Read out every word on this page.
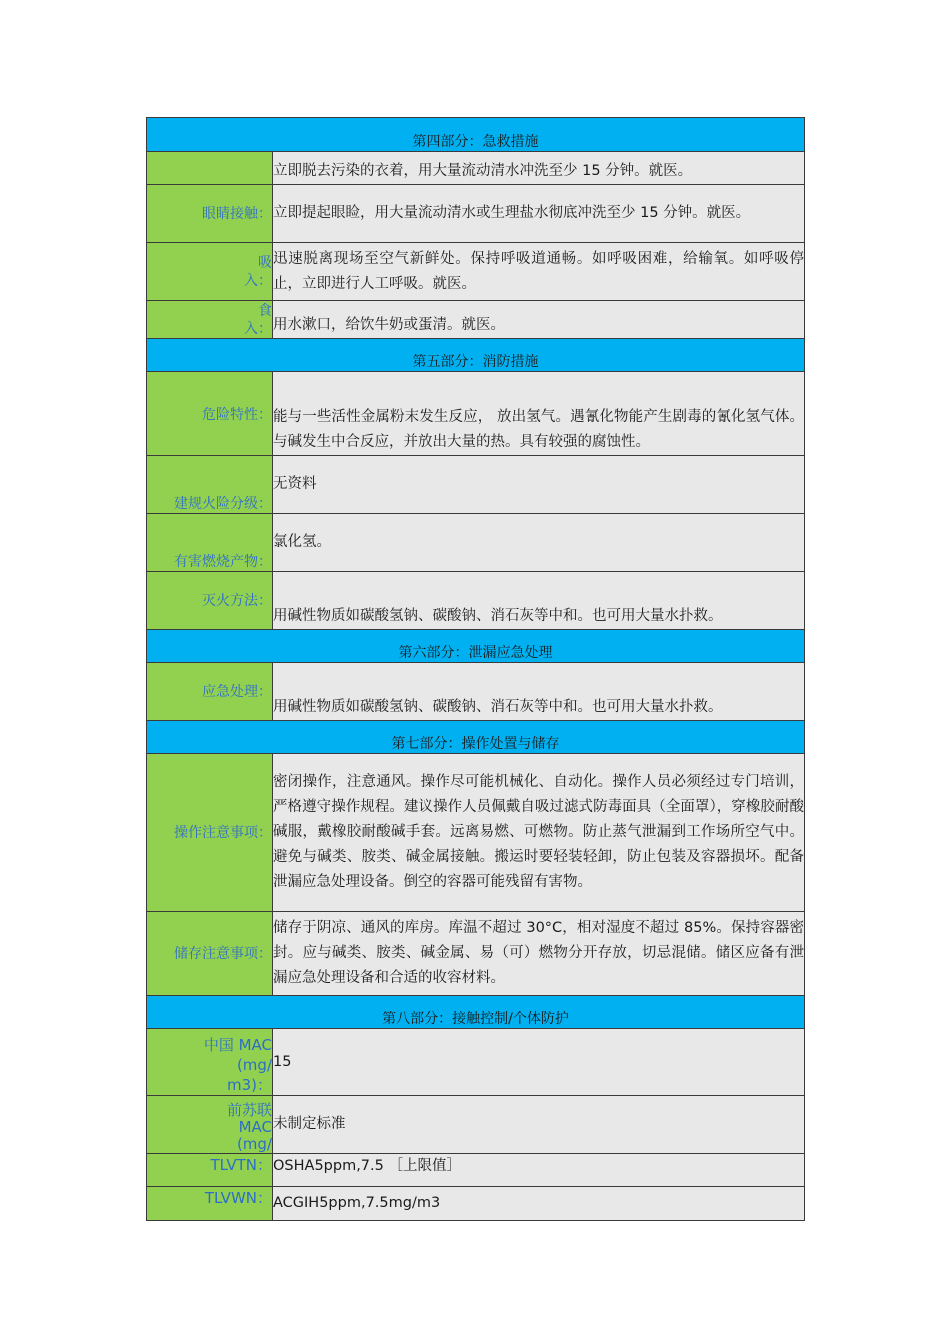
第四部分：急救措施	
	立即脱去污染的衣着，用大量流动清水冲洗至少 15 分钟。就医。
眼睛接触：	立即提起眼睑，用大量流动清水或生理盐水彻底冲洗至少 15 分钟。就医。
吸
入：	迅速脱离现场至空气新鲜处。保持呼吸道通畅。如呼吸困难，给输氧。如呼吸停止，立即进行人工呼吸。就医。
食
入：	用水漱口，给饮牛奶或蛋清。就医。
第五部分：消防措施	
危险特性：	能与一些活性金属粉末发生反应， 放出氢气。遇氰化物能产生剧毒的氰化氢气体。与碱发生中合反应，并放出大量的热。具有较强的腐蚀性。
建规火险分级：	无资料
有害燃烧产物：	氯化氢。
灭火方法：	用碱性物质如碳酸氢钠、碳酸钠、消石灰等中和。也可用大量水扑救。
第六部分：泄漏应急处理	
应急处理：	用碱性物质如碳酸氢钠、碳酸钠、消石灰等中和。也可用大量水扑救。
第七部分：操作处置与储存	
操作注意事项：	密闭操作，注意通风。操作尽可能机械化、自动化。操作人员必须经过专门培训，严格遵守操作规程。建议操作人员佩戴自吸过滤式防毒面具（全面罩），穿橡胶耐酸碱服，戴橡胶耐酸碱手套。远离易燃、可燃物。防止蒸气泄漏到工作场所空气中。避免与碱类、胺类、碱金属接触。搬运时要轻装轻卸，防止包装及容器损坏。配备泄漏应急处理设备。倒空的容器可能残留有害物。
储存注意事项：	储存于阴凉、通风的库房。库温不超过 30°C，相对湿度不超过 85%。保持容器密封。应与碱类、胺类、碱金属、易（可）燃物分开存放，切忌混储。储区应备有泄漏应急处理设备和合适的收容材料。
第八部分：接触控制/个体防护	
中国 MAC
(mg/
m3)：	15
前苏联
MAC
(mg/	未制定标准
TLVTN：	OSHA5ppm,7.5 ［上限值］
TLVWN：	ACGIH5ppm,7.5mg/m3
